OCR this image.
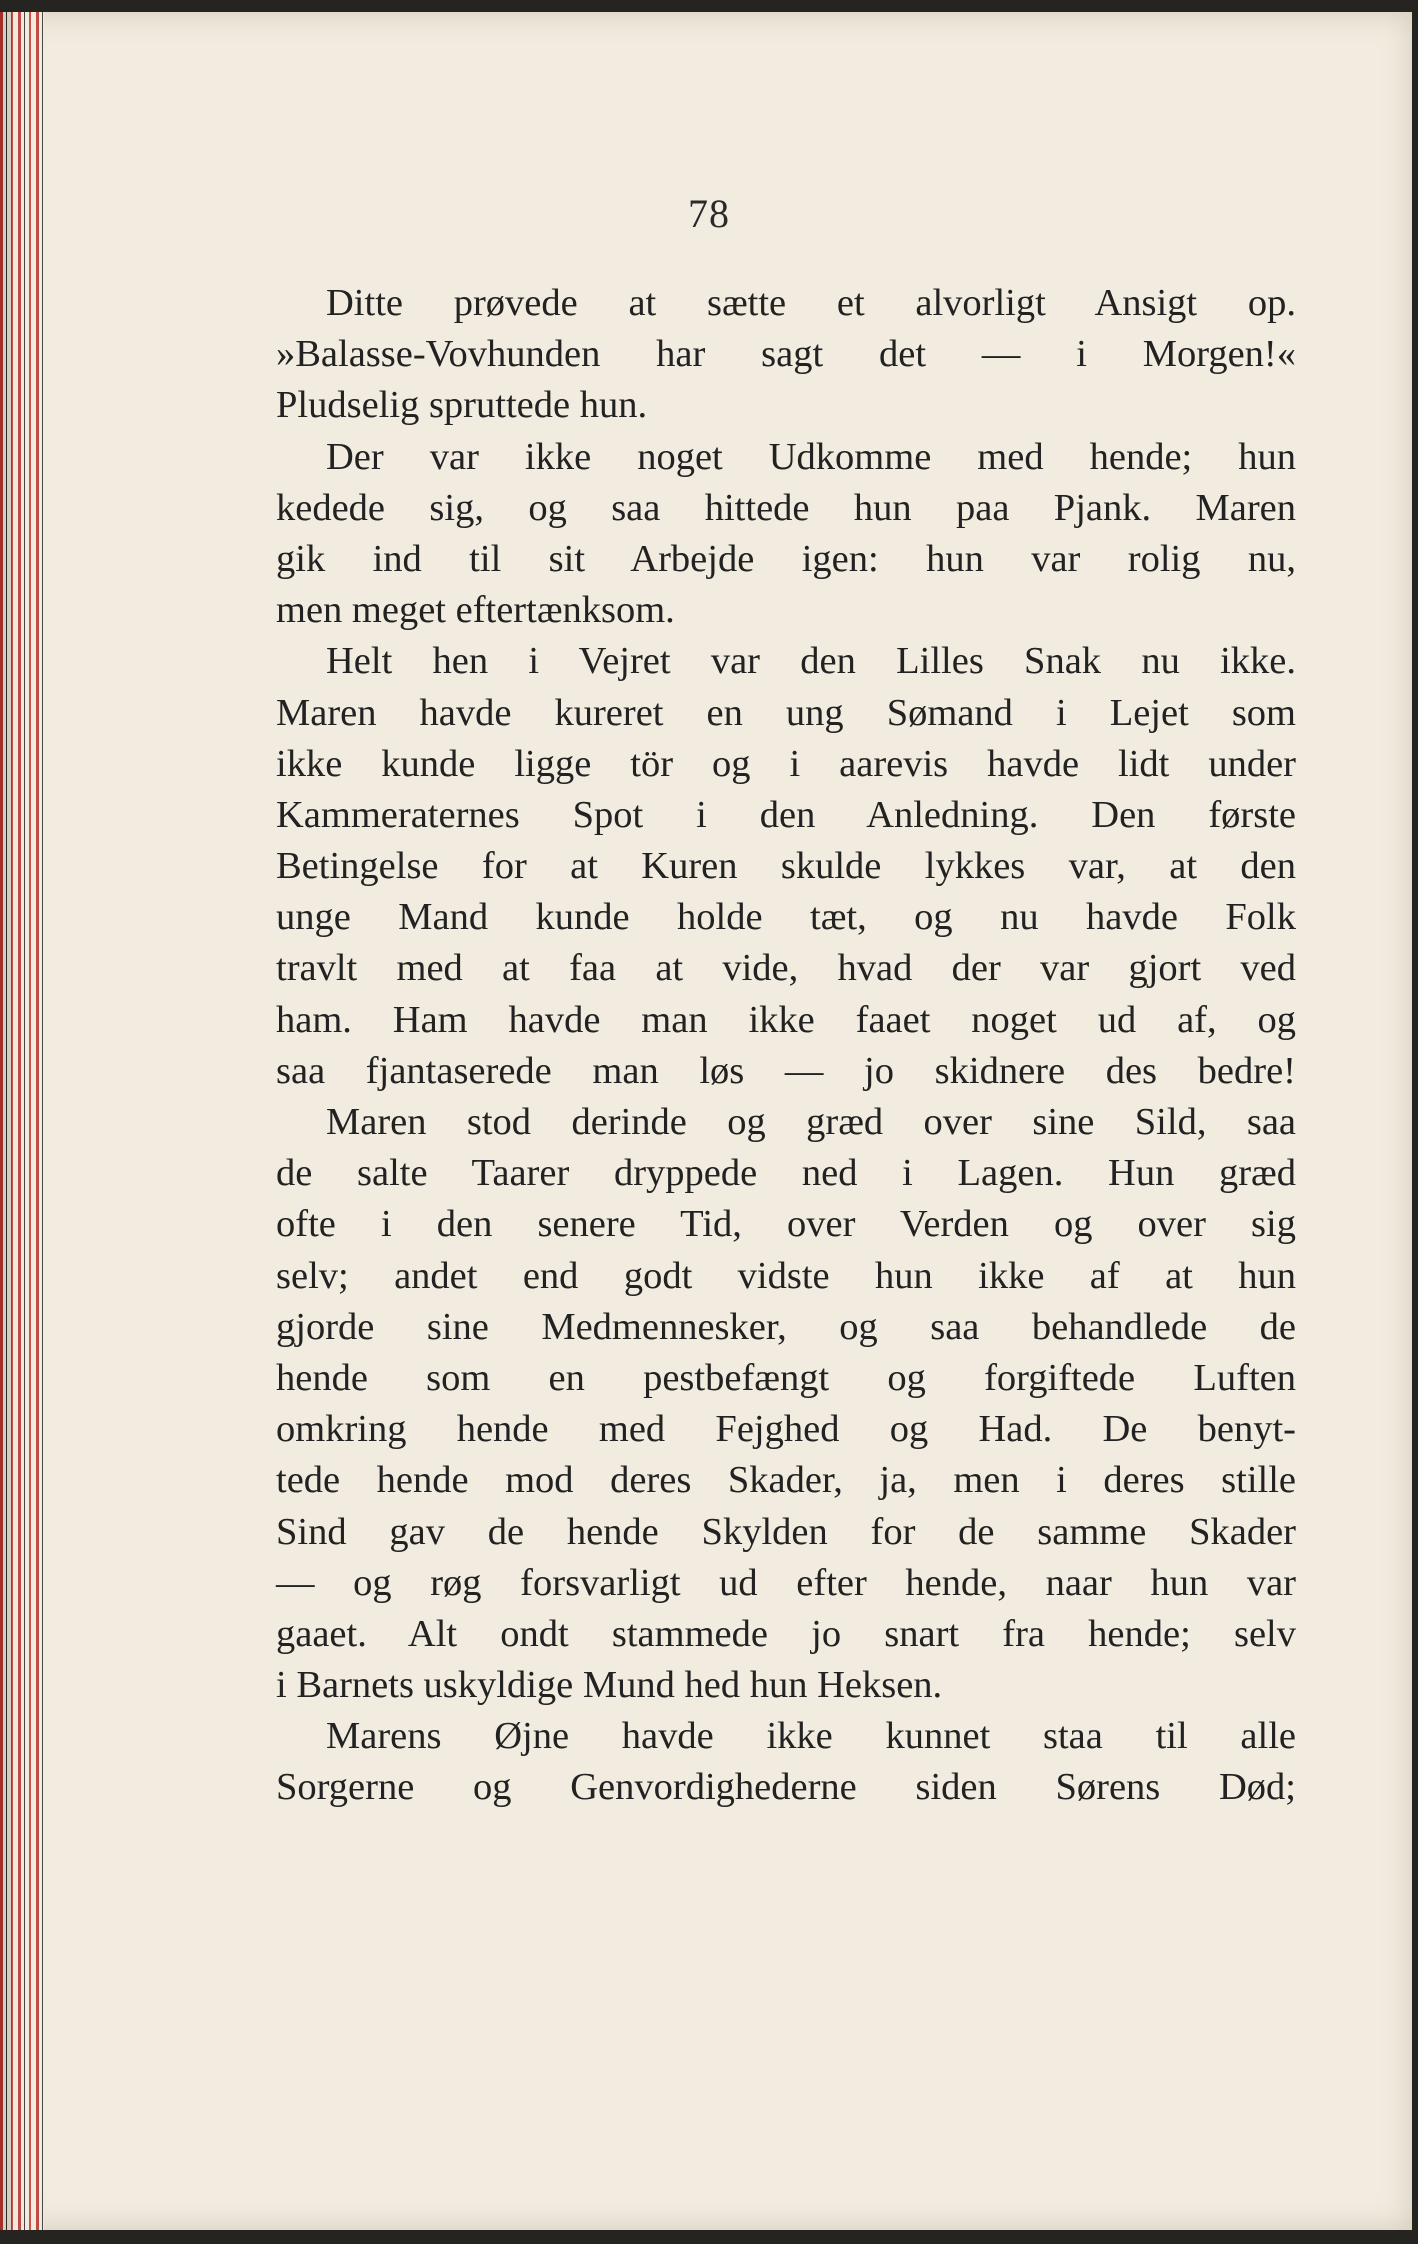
78
Ditte prøvede at sætte et alvorligt Ansigt op.
»Balasse-Vovhunden har sagt det — i Morgen!«
Pludselig spruttede hun.
Der var ikke noget Udkomme med hende; hun
kedede sig, og saa hittede hun paa Pjank. Maren
gik ind til sit Arbejde igen: hun var rolig nu,
men meget eftertænksom.
Helt hen i Vejret var den Lilles Snak nu ikke.
Maren havde kureret en ung Sømand i Lejet som
ikke kunde ligge tör og i aarevis havde lidt under
Kammeraternes Spot i den Anledning. Den første
Betingelse for at Kuren skulde lykkes var, at den
unge Mand kunde holde tæt, og nu havde Folk
travlt med at faa at vide, hvad der var gjort ved
ham. Ham havde man ikke faaet noget ud af, og
saa fjantaserede man løs — jo skidnere des bedre!
Maren stod derinde og græd over sine Sild, saa
de salte Taarer dryppede ned i Lagen. Hun græd
ofte i den senere Tid, over Verden og over sig
selv; andet end godt vidste hun ikke af at hun
gjorde sine Medmennesker, og saa behandlede de
hende som en pestbefængt og forgiftede Luften
omkring hende med Fejghed og Had. De benyt-
tede hende mod deres Skader, ja, men i deres stille
Sind gav de hende Skylden for de samme Skader
— og røg forsvarligt ud efter hende, naar hun var
gaaet. Alt ondt stammede jo snart fra hende; selv
i Barnets uskyldige Mund hed hun Heksen.
Marens Øjne havde ikke kunnet staa til alle
Sorgerne og Genvordighederne siden Sørens Død;
